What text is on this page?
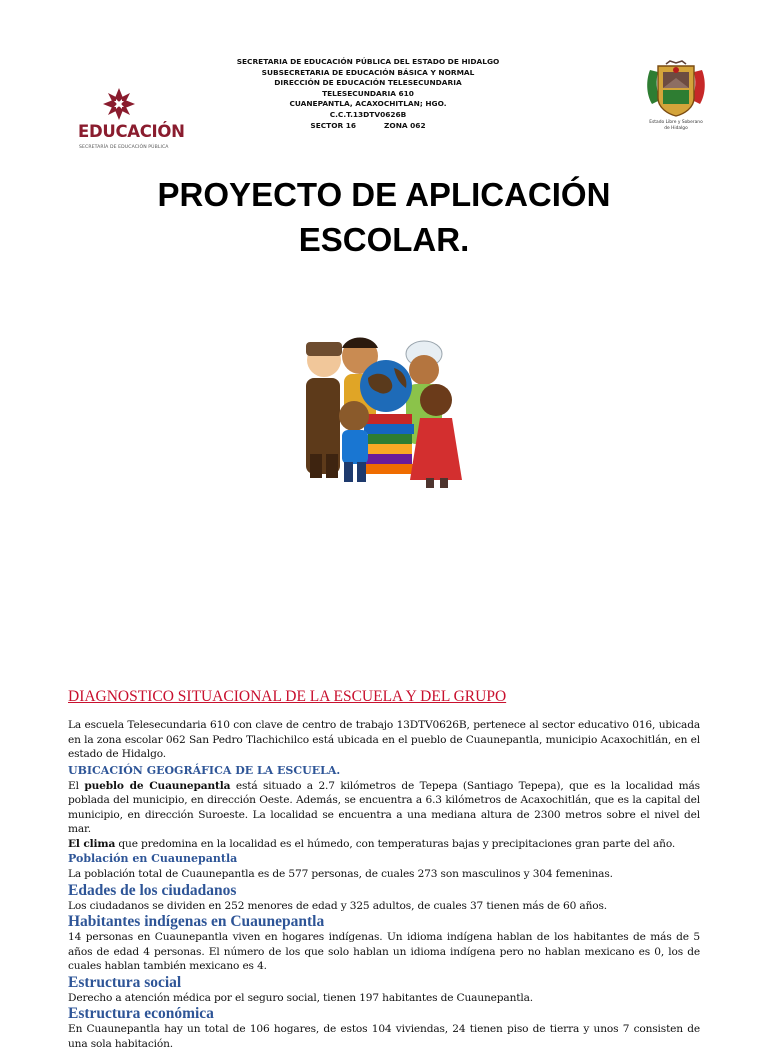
SECRETARIA DE EDUCACIÓN PÚBLICA DEL ESTADO DE HIDALGO
SUBSECRETARIA DE EDUCACIÓN BÁSICA Y NORMAL
DIRECCIÓN DE EDUCACIÓN TELESECUNDARIA
TELESECUNDARIA 610
CUANEPANTLA, ACAXOCHITLAN; HGO.
C.C.T.13DTV0626B
SECTOR 16	ZONA 062
EDUCACIÓN
SECRETARÍA DE EDUCACIÓN PÚBLICA
Estado Libre y Soberano
de Hidalgo
PROYECTO DE APLICACIÓN
ESCOLAR.
DIAGNOSTICO SITUACIONAL DE LA ESCUELA Y DEL GRUPO

La escuela Telesecundaria 610 con clave de centro de trabajo 13DTV0626B, pertenece al sector educativo 016, ubicada en la zona escolar 062 San Pedro Tlachichilco está ubicada en el pueblo de Cuaunepantla, municipio Acaxochitlán, en el estado de Hidalgo.

UBICACIÓN GEOGRÁFICA DE LA ESCUELA.

El pueblo de Cuaunepantla está situado a 2.7 kilómetros de Tepepa (Santiago Tepepa), que es la localidad más poblada del municipio, en dirección Oeste. Además, se encuentra a 6.3 kilómetros de Acaxochitlán, que es la capital del municipio, en dirección Suroeste. La localidad se encuentra a una mediana altura de 2300 metros sobre el nivel del mar.

El clima que predomina en la localidad es el húmedo, con temperaturas bajas y precipitaciones gran parte del año.

Población en Cuaunepantla

La población total de Cuaunepantla es de 577 personas, de cuales 273 son masculinos y 304 femeninas.

Edades de los ciudadanos

Los ciudadanos se dividen en 252 menores de edad y 325 adultos, de cuales 37 tienen más de 60 años.

Habitantes indígenas en Cuaunepantla

14 personas en Cuaunepantla viven en hogares indígenas. Un idioma indígena hablan de los habitantes de más de 5 años de edad 4 personas. El número de los que solo hablan un idioma indígena pero no hablan mexicano es 0, los de cuales hablan también mexicano es 4.

Estructura social

Derecho a atención médica por el seguro social, tienen 197 habitantes de Cuaunepantla.

Estructura económica

En Cuaunepantla hay un total de 106 hogares, de estos 104 viviendas, 24 tienen piso de tierra y unos 7 consisten de una sola habitación.
